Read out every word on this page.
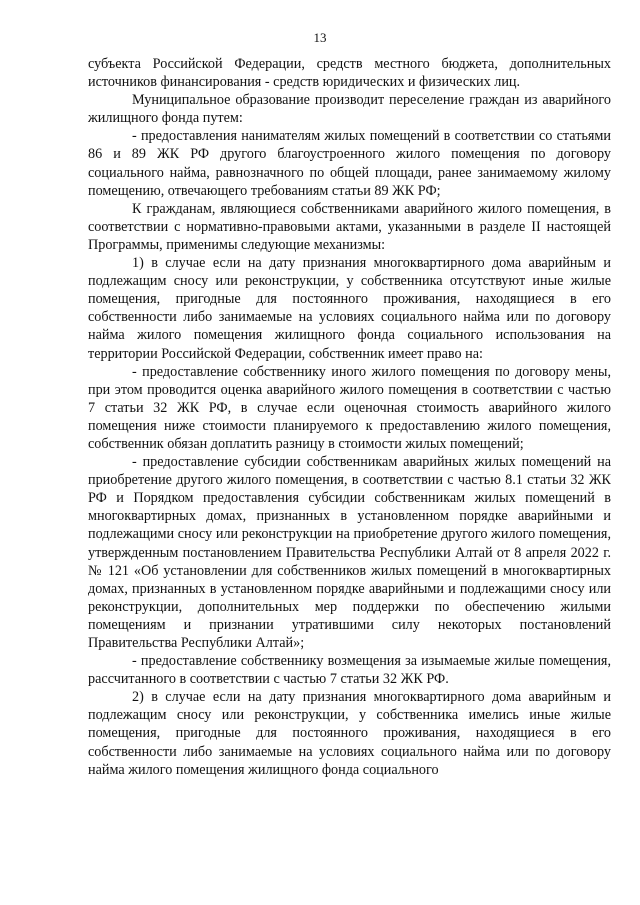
13

субъекта Российской Федерации, средств местного бюджета, дополнительных источников финансирования - средств юридических и физических лиц.

Муниципальное образование производит переселение граждан из аварийного жилищного фонда путем:

- предоставления нанимателям жилых помещений в соответствии со статьями 86 и 89 ЖК РФ другого благоустроенного жилого помещения по договору социального найма, равнозначного по общей площади, ранее занимаемому жилому помещению, отвечающего требованиям статьи 89 ЖК РФ;

К гражданам, являющиеся собственниками аварийного жилого помещения, в соответствии с нормативно-правовыми актами, указанными в разделе II настоящей Программы, применимы следующие механизмы:

1) в случае если на дату признания многоквартирного дома аварийным и подлежащим сносу или реконструкции, у собственника отсутствуют иные жилые помещения, пригодные для постоянного проживания, находящиеся в его собственности либо занимаемые на условиях социального найма или по договору найма жилого помещения жилищного фонда социального использования на территории Российской Федерации, собственник имеет право на:

- предоставление собственнику иного жилого помещения по договору мены, при этом проводится оценка аварийного жилого помещения в соответствии с частью 7 статьи 32 ЖК РФ, в случае если оценочная стоимость аварийного жилого помещения ниже стоимости планируемого к предоставлению жилого помещения, собственник обязан доплатить разницу в стоимости жилых помещений;

- предоставление субсидии собственникам аварийных жилых помещений на приобретение другого жилого помещения, в соответствии с частью 8.1 статьи 32 ЖК РФ и Порядком предоставления субсидии собственникам жилых помещений в многоквартирных домах, признанных в установленном порядке аварийными и подлежащими сносу или реконструкции на приобретение другого жилого помещения, утвержденным постановлением Правительства Республики Алтай от 8 апреля 2022 г. № 121 «Об установлении для собственников жилых помещений в многоквартирных домах, признанных в установленном порядке аварийными и подлежащими сносу или реконструкции, дополнительных мер поддержки по обеспечению жилыми помещениям и признании утратившими силу некоторых постановлений Правительства Республики Алтай»;

- предоставление собственнику возмещения за изымаемые жилые помещения, рассчитанного в соответствии с частью 7 статьи 32 ЖК РФ.

2) в случае если на дату признания многоквартирного дома аварийным и подлежащим сносу или реконструкции, у собственника имелись иные жилые помещения, пригодные для постоянного проживания, находящиеся в его собственности либо занимаемые на условиях социального найма или по договору найма жилого помещения жилищного фонда социального
